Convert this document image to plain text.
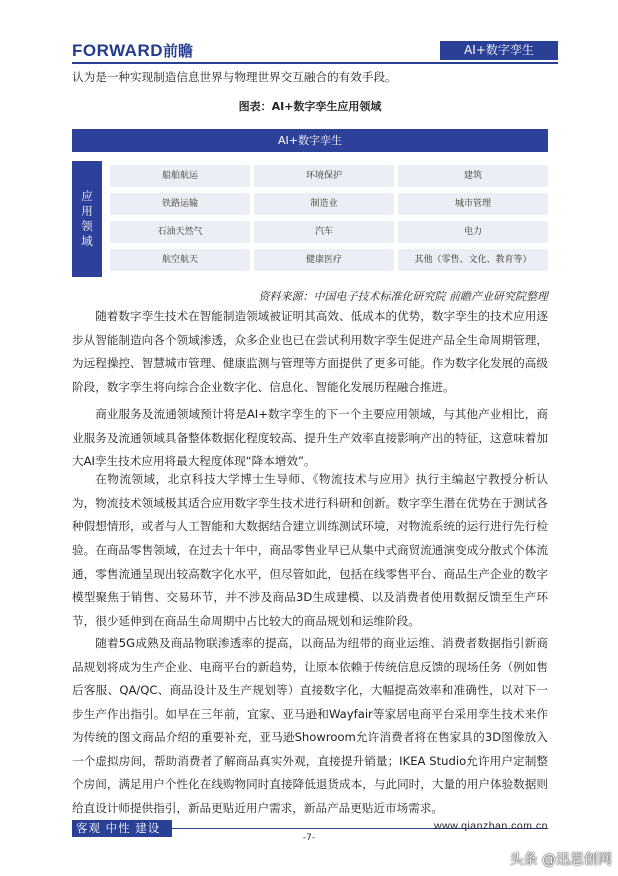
FORWARD前瞻	AI+数字孪生
认为是一种实现制造信息世界与物理世界交互融合的有效手段。
图表：AI+数字孪生应用领域
AI+数字孪生
应
用
领
域
船舶航运	环境保护	建筑
铁路运输	制造业	城市管理
石油天然气	汽车	电力
航空航天	健康医疗	其他（零售、文化、教育等）
资料来源：中国电子技术标准化研究院 前瞻产业研究院整理
随着数字孪生技术在智能制造领域被证明其高效、低成本的优势，数字孪生的技术应用逐步从智能制造向各个领域渗透，众多企业也已在尝试利用数字孪生促进产品全生命周期管理，为远程操控、智慧城市管理、健康监测与管理等方面提供了更多可能。作为数字化发展的高级阶段，数字孪生将向综合企业数字化、信息化、智能化发展历程融合推进。
商业服务及流通领域预计将是AI+数字孪生的下一个主要应用领域，与其他产业相比，商业服务及流通领域具备整体数据化程度较高、提升生产效率直接影响产出的特征，这意味着加大AI孪生技术应用将最大程度体现“降本增效”。
在物流领域，北京科技大学博士生导师、《物流技术与应用》执行主编赵宁教授分析认为，物流技术领域极其适合应用数字孪生技术进行科研和创新。数字孪生潜在优势在于测试各种假想情形，或者与人工智能和大数据结合建立训练测试环境，对物流系统的运行进行先行检验。 在商品零售领域，在过去十年中，商品零售业早已从集中式商贸流通演变成分散式个体流通，零售流通呈现出较高数字化水平，但尽管如此，包括在线零售平台、商品生产企业的数字模型聚焦于销售、交易环节，并不涉及商品3D生成建模、以及消费者使用数据反馈至生产环节，很少延伸到在商品生命周期中占比较大的商品规划和运维阶段。
随着5G成熟及商品物联渗透率的提高，以商品为纽带的商业运维、消费者数据指引新商品规划将成为生产企业、电商平台的新趋势，让原本依赖于传统信息反馈的现场任务（例如售后客服、QA/QC、商品设计及生产规划等）直接数字化，大幅提高效率和准确性，以对下一步生产作出指引。如早在三年前，宜家、亚马逊和Wayfair等家居电商平台采用孪生技术来作为传统的图文商品介绍的重要补充，亚马逊Showroom允许消费者将在售家具的3D图像放入一个虚拟房间，帮助消费者了解商品真实外观，直接提升销量；IKEA Studio允许用户定制整个房间，满足用户个性化在线购物同时直接降低退货成本，与此同时，大量的用户体验数据则给直设计师提供指引，新品更贴近用户需求，新品产品更贴近市场需求。
客观 中性 建设性
www.qianzhan.com.cn
-7-
头条 @迅思创网
